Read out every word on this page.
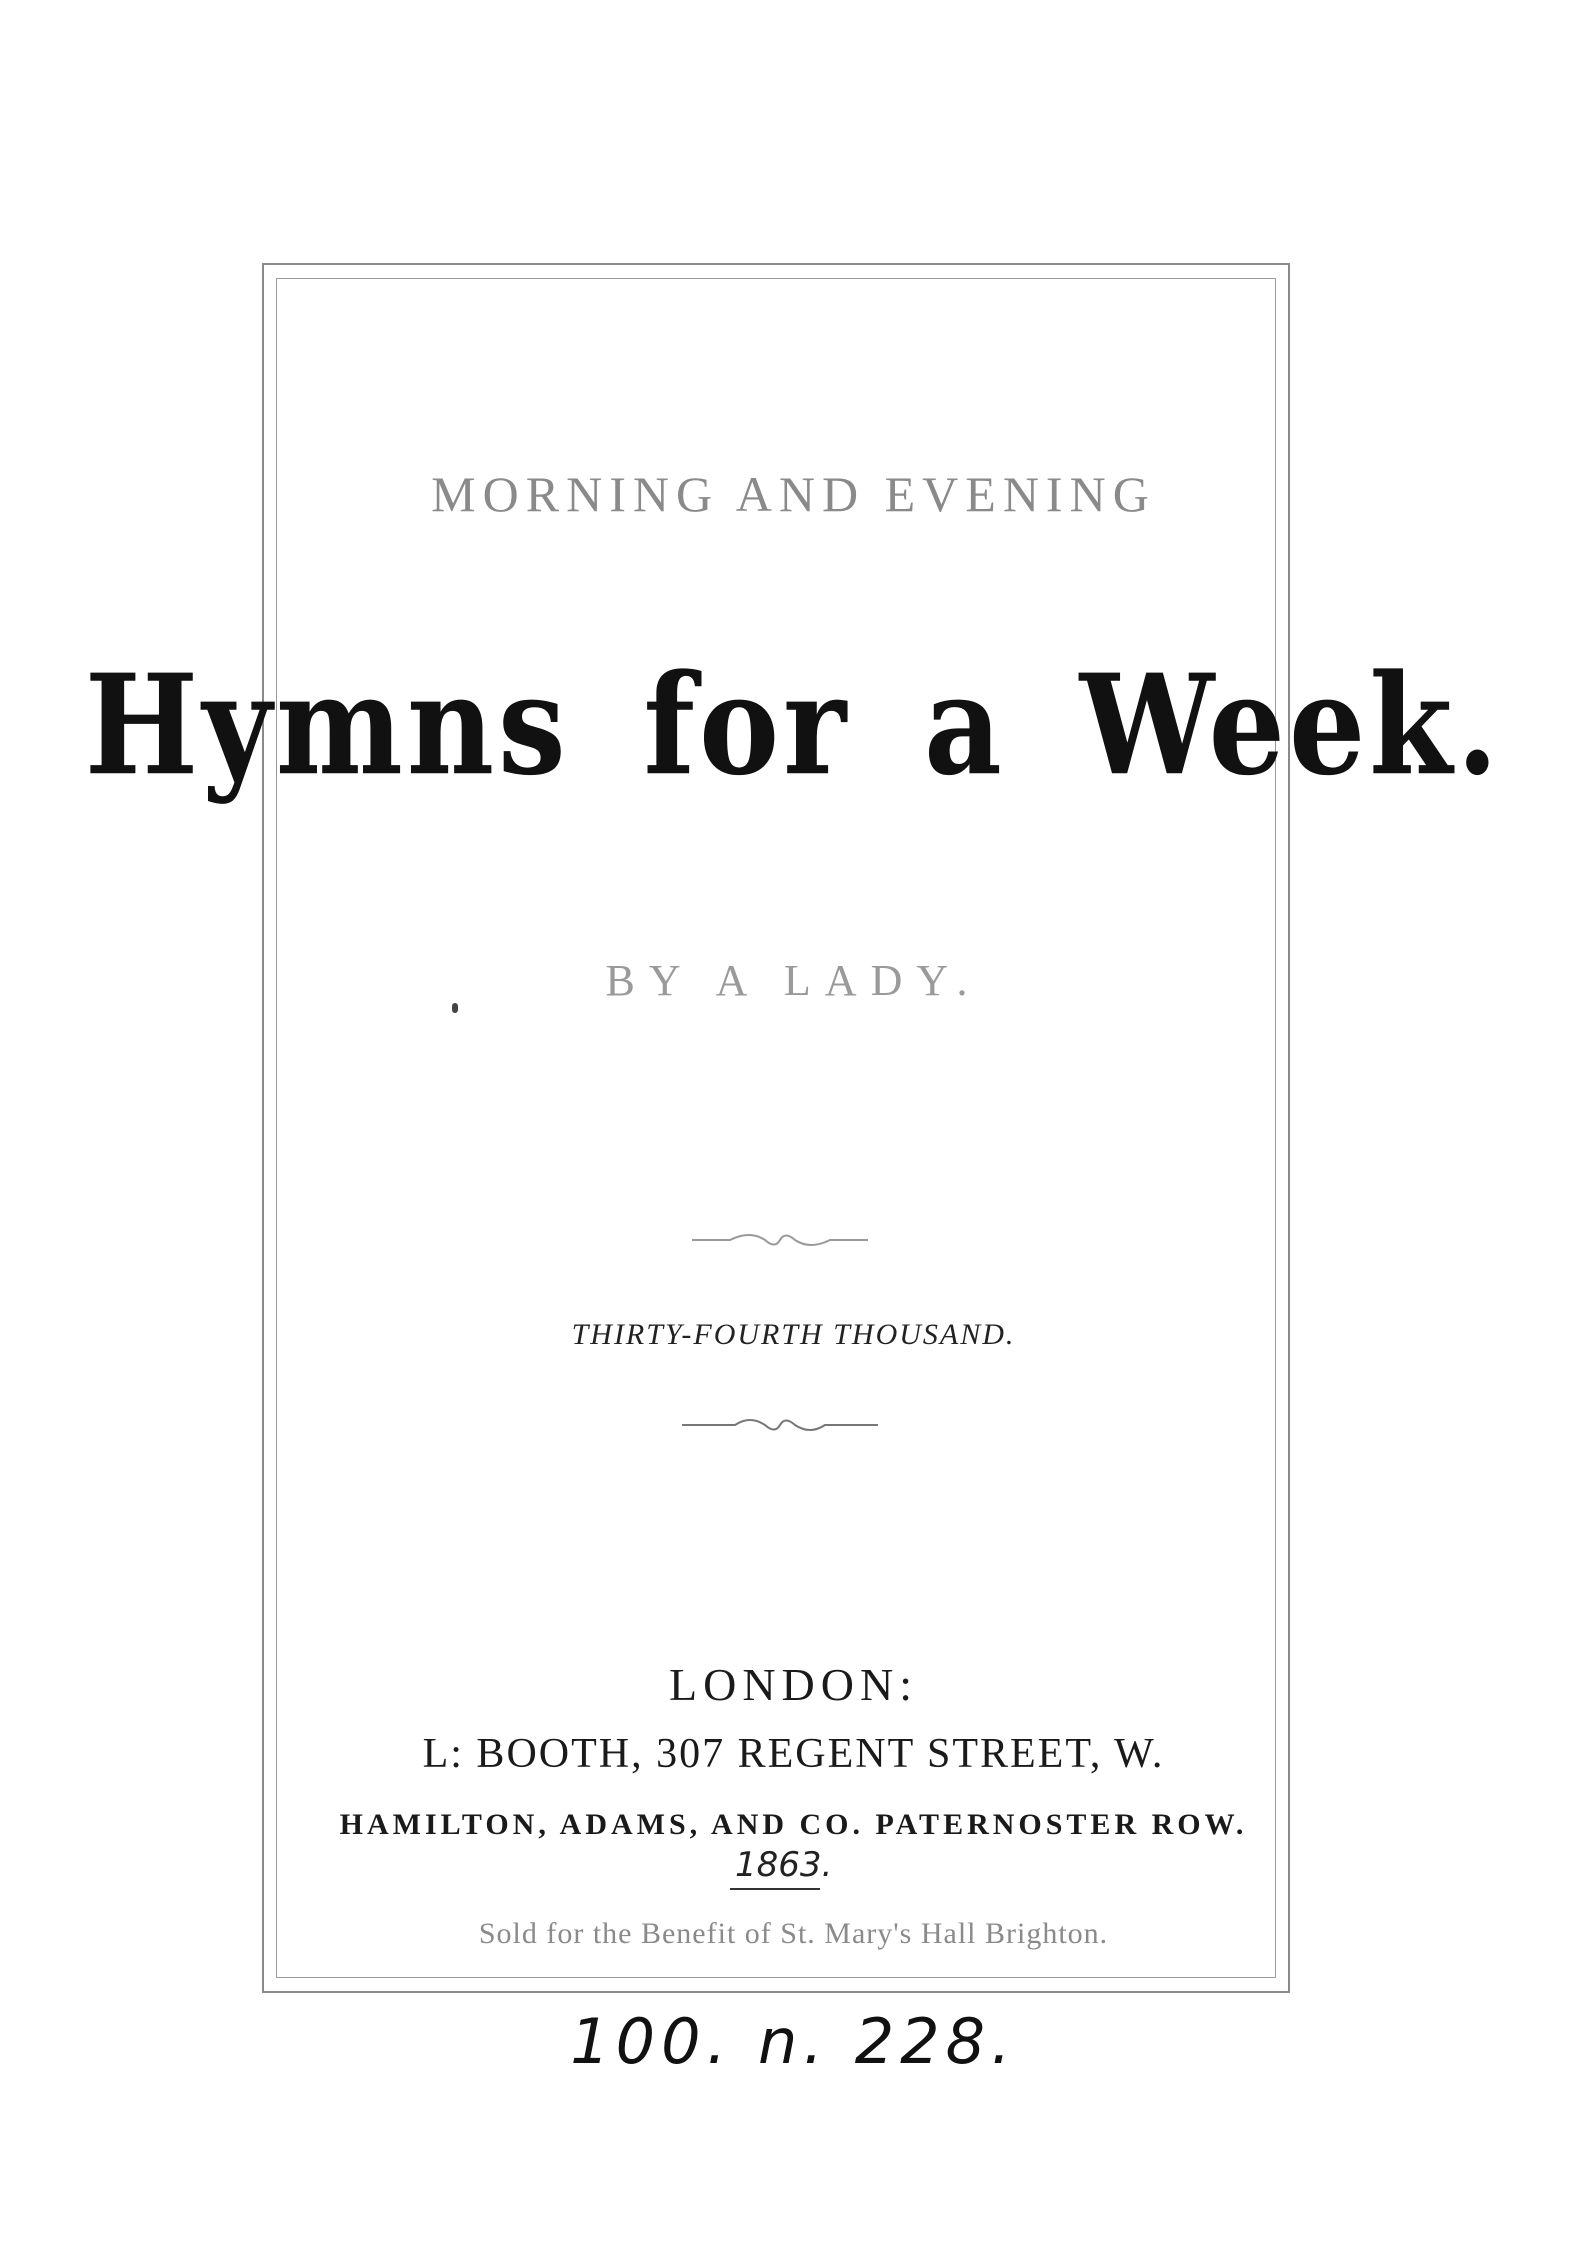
MORNING AND EVENING
Hymns for a Week.
BY A LADY.
THIRTY-FOURTH THOUSAND.
LONDON:
L: BOOTH, 307 REGENT STREET, W.
HAMILTON, ADAMS, AND CO. PATERNOSTER ROW.
1863.
Sold for the Benefit of St. Mary's Hall Brighton.
100. n. 228.
